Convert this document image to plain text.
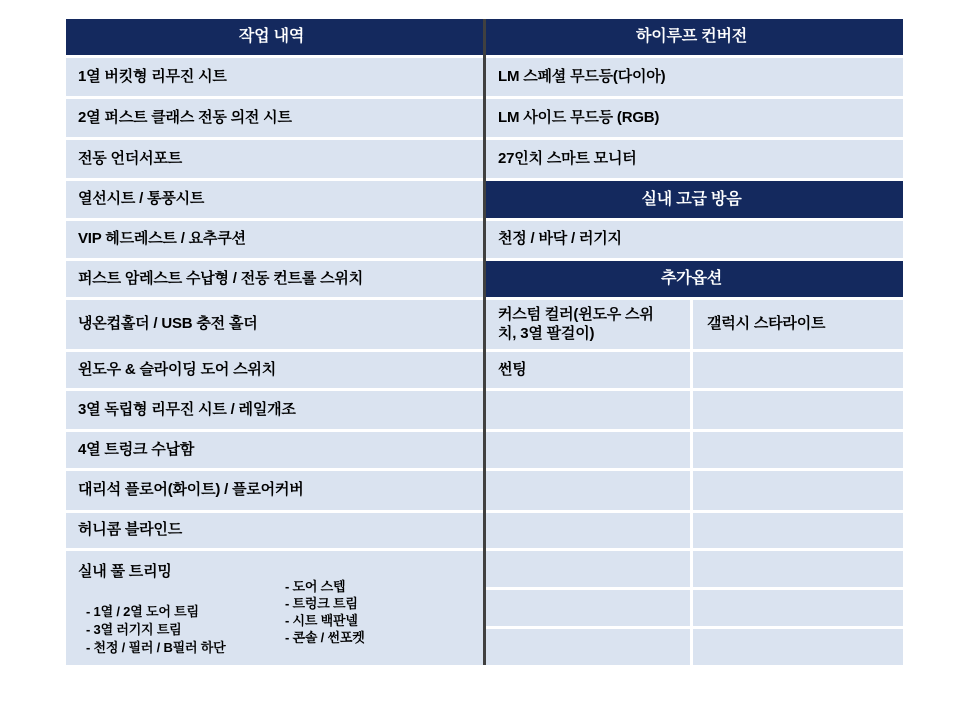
작업 내역
1열 버킷형 리무진 시트
2열 퍼스트 클래스 전동 의전 시트
전동 언더서포트
열선시트 / 통풍시트
VIP 헤드레스트 / 요추쿠션
퍼스트 암레스트 수납형 / 전동 컨트롤 스위치
냉온컵홀더 / USB 충전 홀더
윈도우 & 슬라이딩 도어 스위치
3열 독립형 리무진 시트 / 레일개조
4열 트렁크 수납함
대리석 플로어(화이트) / 플로어커버
허니콤 블라인드
실내 풀 트리밍
- 1열 / 2열 도어 트림
- 3열 러기지 트림
- 천정 / 필러 / B필러 하단
- 도어 스텝
- 트렁크 트림
- 시트 백판넬
- 콘솔 / 썬포켓
하이루프 컨버전
LM 스페셜 무드등(다이아)
LM 사이드 무드등 (RGB)
27인치 스마트 모니터
실내 고급 방음
천정 / 바닥 / 러기지
추가옵션
커스텀 컬러(윈도우 스위치, 3열 팔걸이)
갤럭시 스타라이트
썬팅
